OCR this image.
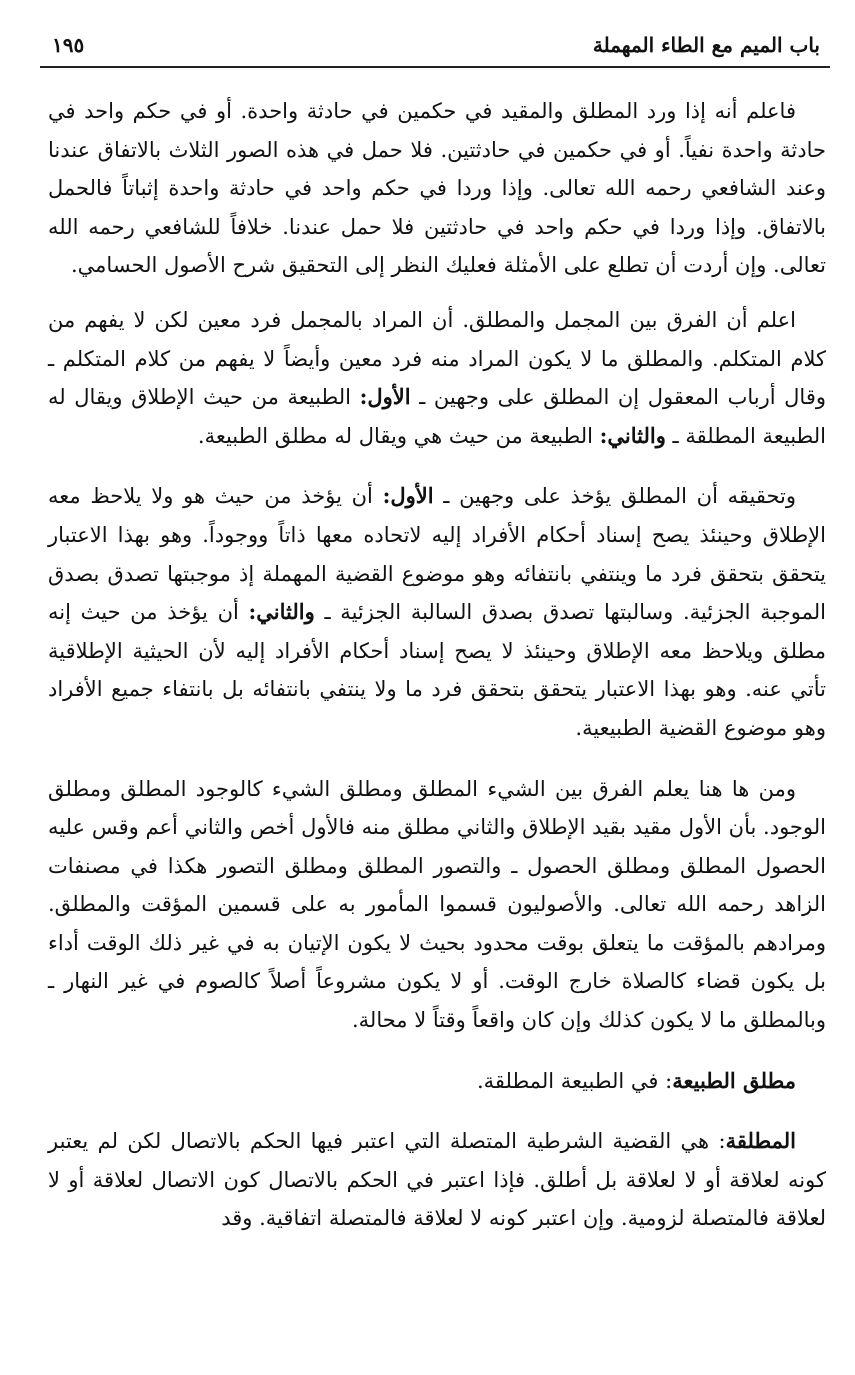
باب الميم مع الطاء المهملة
١٩٥

فاعلم أنه إذا ورد المطلق والمقيد في حكمين في حادثة واحدة. أو في حكم واحد في حادثة واحدة نفياً. أو في حكمين في حادثتين. فلا حمل في هذه الصور الثلاث بالاتفاق عندنا وعند الشافعي رحمه الله تعالى. وإذا وردا في حكم واحد في حادثة واحدة إثباتاً فالحمل بالاتفاق. وإذا وردا في حكم واحد في حادثتين فلا حمل عندنا. خلافاً للشافعي رحمه الله تعالى. وإن أردت أن تطلع على الأمثلة فعليك النظر إلى التحقيق شرح الأصول الحسامي.

اعلم أن الفرق بين المجمل والمطلق. أن المراد بالمجمل فرد معين لكن لا يفهم من كلام المتكلم. والمطلق ما لا يكون المراد منه فرد معين وأيضاً لا يفهم من كلام المتكلم ـ وقال أرباب المعقول إن المطلق على وجهين ـ الأول: الطبيعة من حيث الإطلاق ويقال له الطبيعة المطلقة ـ والثاني: الطبيعة من حيث هي ويقال له مطلق الطبيعة.

وتحقيقه أن المطلق يؤخذ على وجهين ـ الأول: أن يؤخذ من حيث هو ولا يلاحظ معه الإطلاق وحينئذ يصح إسناد أحكام الأفراد إليه لاتحاده معها ذاتاً ووجوداً. وهو بهذا الاعتبار يتحقق بتحقق فرد ما وينتفي بانتفائه وهو موضوع القضية المهملة إذ موجبتها تصدق بصدق الموجبة الجزئية. وسالبتها تصدق بصدق السالبة الجزئية ـ والثاني: أن يؤخذ من حيث إنه مطلق ويلاحظ معه الإطلاق وحينئذ لا يصح إسناد أحكام الأفراد إليه لأن الحيثية الإطلاقية تأتي عنه. وهو بهذا الاعتبار يتحقق بتحقق فرد ما ولا ينتفي بانتفائه بل بانتفاء جميع الأفراد وهو موضوع القضية الطبيعية.

ومن ها هنا يعلم الفرق بين الشيء المطلق ومطلق الشيء كالوجود المطلق ومطلق الوجود. بأن الأول مقيد بقيد الإطلاق والثاني مطلق منه فالأول أخص والثاني أعم وقس عليه الحصول المطلق ومطلق الحصول ـ والتصور المطلق ومطلق التصور هكذا في مصنفات الزاهد رحمه الله تعالى. والأصوليون قسموا المأمور به على قسمين المؤقت والمطلق. ومرادهم بالمؤقت ما يتعلق بوقت محدود بحيث لا يكون الإتيان به في غير ذلك الوقت أداء بل يكون قضاء كالصلاة خارج الوقت. أو لا يكون مشروعاً أصلاً كالصوم في غير النهار ـ وبالمطلق ما لا يكون كذلك وإن كان واقعاً وقتاً لا محالة.

مطلق الطبيعة: في الطبيعة المطلقة.

المطلقة: هي القضية الشرطية المتصلة التي اعتبر فيها الحكم بالاتصال لكن لم يعتبر كونه لعلاقة أو لا لعلاقة بل أطلق. فإذا اعتبر في الحكم بالاتصال كون الاتصال لعلاقة أو لا لعلاقة فالمتصلة لزومية. وإن اعتبر كونه لا لعلاقة فالمتصلة اتفاقية. وقد
